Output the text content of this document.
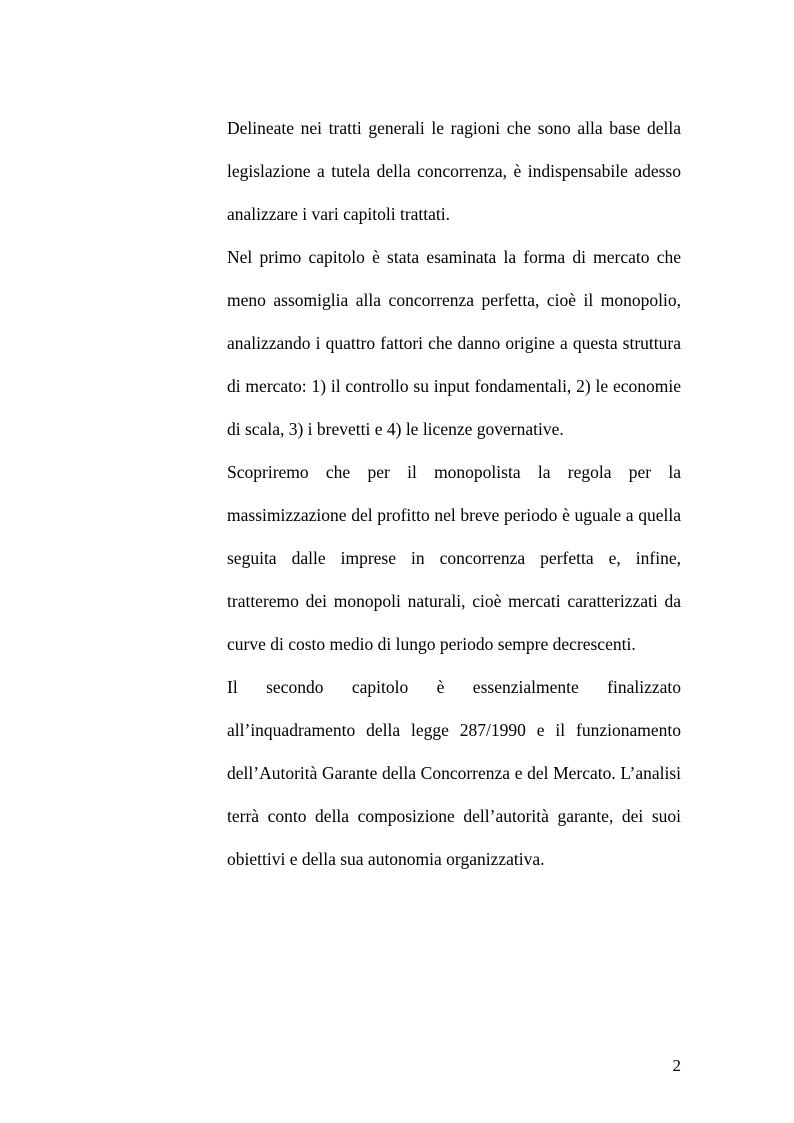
Delineate nei tratti generali le ragioni che sono alla base della legislazione a tutela della concorrenza, è indispensabile adesso analizzare i vari capitoli trattati.

Nel primo capitolo è stata esaminata la forma di mercato che meno assomiglia alla concorrenza perfetta, cioè il monopolio, analizzando i quattro fattori che danno origine a questa struttura di mercato: 1) il controllo su input fondamentali, 2) le economie di scala, 3) i brevetti e 4) le licenze governative.

Scopriremo che per il monopolista la regola per la massimizzazione del profitto nel breve periodo è uguale a quella seguita dalle imprese in concorrenza perfetta e, infine, tratteremo dei monopoli naturali, cioè mercati caratterizzati da curve di costo medio di lungo periodo sempre decrescenti.

Il secondo capitolo è essenzialmente finalizzato all’inquadramento della legge 287/1990 e il funzionamento dell’Autorità Garante della Concorrenza e del Mercato. L’analisi terrà conto della composizione dell’autorità garante, dei suoi obiettivi e della sua autonomia organizzativa.

2
